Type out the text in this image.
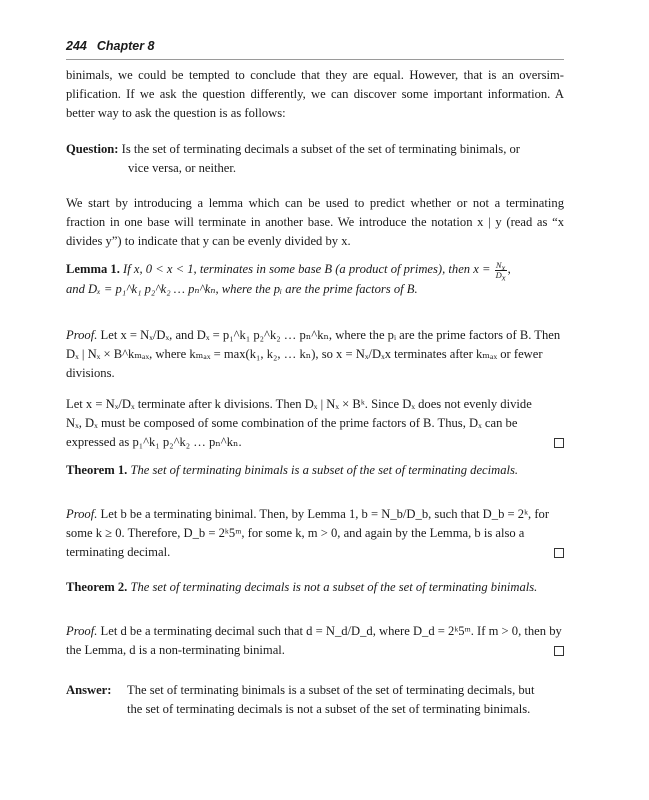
244 Chapter 8
binimals, we could be tempted to conclude that they are equal. However, that is an oversim-
plification. If we ask the question differently, we can discover some important information. A
better way to ask the question is as follows:
Question: Is the set of terminating decimals a subset of the set of terminating binimals, or
vice versa, or neither.
We start by introducing a lemma which can be used to predict whether or not a terminating
fraction in one base will terminate in another base. We introduce the notation x | y (read as “x
divides y”) to indicate that y can be evenly divided by x.
Lemma 1. If x, 0 < x < 1, terminates in some base B (a product of primes), then $x = \frac{N_x}{D_x}$ ,
and Dₓ = p₁^k₁ p₂^k₂ … pₙ^kₙ, where the pᵢ are the prime factors of B.
Proof. Let x = Nₓ/Dₓ, and Dₓ = p₁^k₁ p₂^k₂ … pₙ^kₙ, where the pᵢ are the prime factors of B. Then
Dₓ | Nₓ × B^kₘₐₓ, where kₘₐₓ = max(k₁, k₂, … kₙ), so x = Nₓ/Dₓx terminates after kₘₐₓ or fewer
divisions.
Let x = Nₓ/Dₓ terminate after k divisions. Then Dₓ | Nₓ × Bᵏ. Since Dₓ does not evenly divide
Nₓ, Dₓ must be composed of some combination of the prime factors of B. Thus, Dₓ can be
expressed as p₁^k₁ p₂^k₂ … pₙ^kₙ.
Theorem 1. The set of terminating binimals is a subset of the set of terminating decimals.
Proof. Let b be a terminating binimal. Then, by Lemma 1, b = N_b/D_b, such that D_b = 2ᵏ, for
some k ≥ 0. Therefore, D_b = 2ᵏ5ᵐ, for some k, m > 0, and again by the Lemma, b is also a
terminating decimal.
Theorem 2. The set of terminating decimals is not a subset of the set of terminating binimals.
Proof. Let d be a terminating decimal such that d = N_d/D_d, where D_d = 2ᵏ5ᵐ. If m > 0, then by
the Lemma, d is a non-terminating binimal.
Answer: The set of terminating binimals is a subset of the set of terminating decimals, but
the set of terminating decimals is not a subset of the set of terminating binimals.
